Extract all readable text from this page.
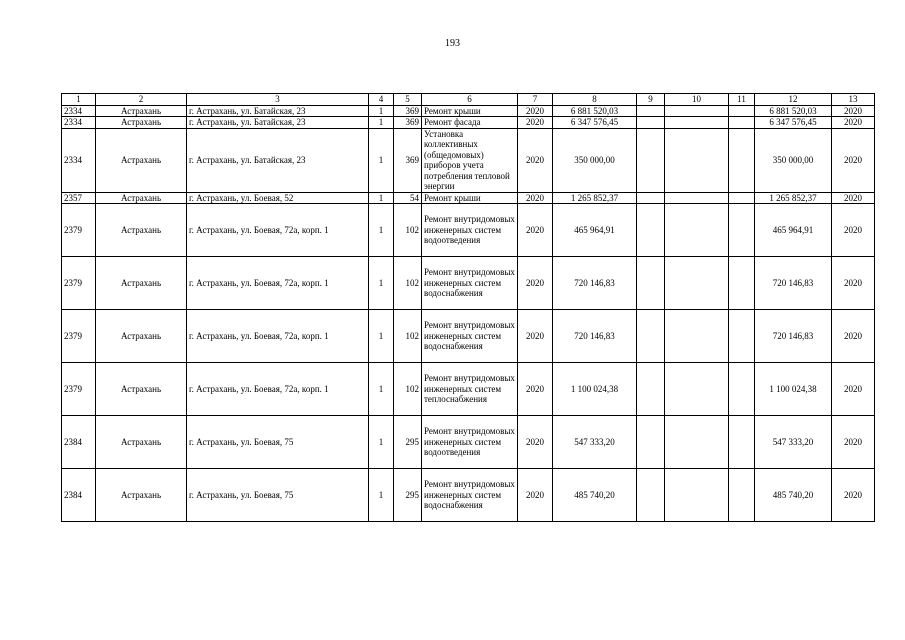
193
1	2	3	4	5	6	7	8	9	10	11	12	13
2334	Астрахань	г. Астрахань, ул. Батайская, 23	1	369	Ремонт крыши	2020	6 881 520,03				6 881 520,03	2020
2334	Астрахань	г. Астрахань, ул. Батайская, 23	1	369	Ремонт фасада	2020	6 347 576,45				6 347 576,45	2020
2334	Астрахань	г. Астрахань, ул. Батайская, 23	1	369	Установка коллективных (общедомовых) приборов учета потребления тепловой энергии	2020	350 000,00				350 000,00	2020
2357	Астрахань	г. Астрахань, ул. Боевая, 52	1	54	Ремонт крыши	2020	1 265 852,37				1 265 852,37	2020
2379	Астрахань	г. Астрахань, ул. Боевая, 72а, корп. 1	1	102	Ремонт внутридомовых инженерных систем водоотведения	2020	465 964,91				465 964,91	2020
2379	Астрахань	г. Астрахань, ул. Боевая, 72а, корп. 1	1	102	Ремонт внутридомовых инженерных систем водоснабжения	2020	720 146,83				720 146,83	2020
2379	Астрахань	г. Астрахань, ул. Боевая, 72а, корп. 1	1	102	Ремонт внутридомовых инженерных систем водоснабжения	2020	720 146,83				720 146,83	2020
2379	Астрахань	г. Астрахань, ул. Боевая, 72а, корп. 1	1	102	Ремонт внутридомовых инженерных систем теплоснабжения	2020	1 100 024,38				1 100 024,38	2020
2384	Астрахань	г. Астрахань, ул. Боевая, 75	1	295	Ремонт внутридомовых инженерных систем водоотведения	2020	547 333,20				547 333,20	2020
2384	Астрахань	г. Астрахань, ул. Боевая, 75	1	295	Ремонт внутридомовых инженерных систем водоснабжения	2020	485 740,20				485 740,20	2020
